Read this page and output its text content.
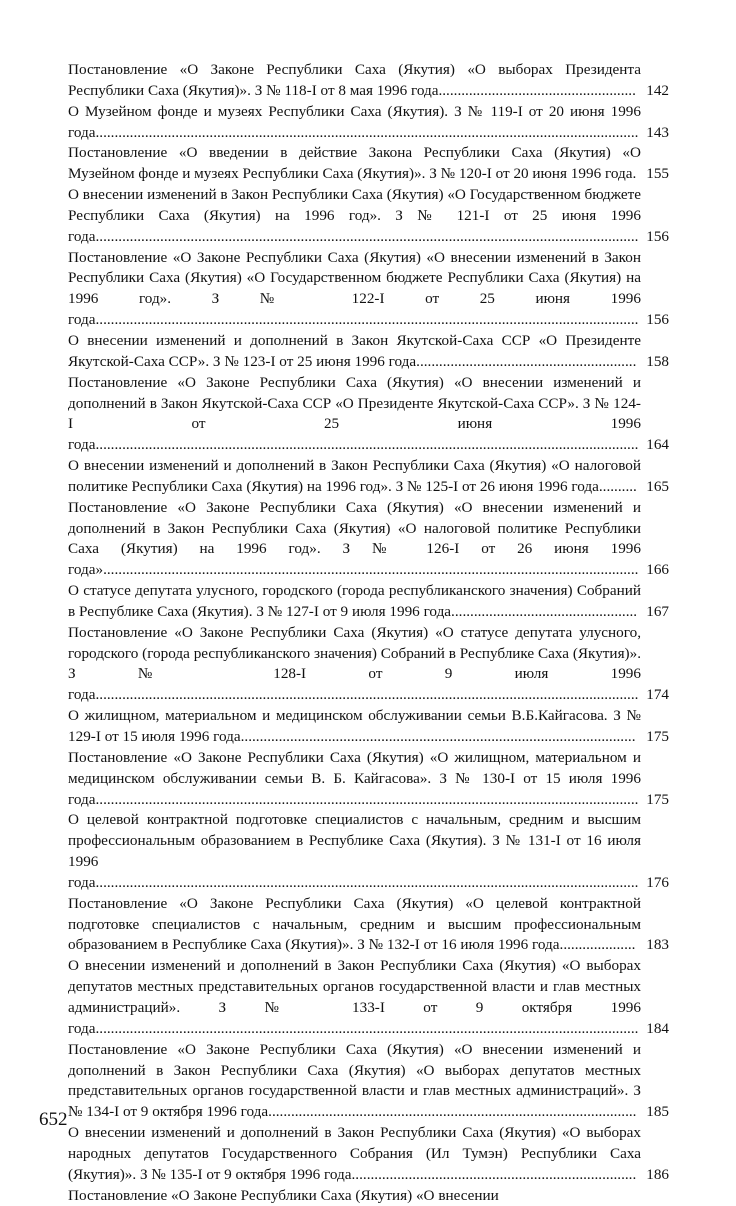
Постановление «О Законе Республики Саха (Якутия) «О выборах Президента Республики Саха (Якутия)». З № 118-I от 8 мая 1996 года.................................................... 142
О Музейном фонде и музеях Республики Саха (Якутия). З № 119-I от 20 июня 1996 года............................................................................................................................................... 143
Постановление «О введении в действие Закона Республики Саха (Якутия) «О Музейном фонде и музеях Республики Саха (Якутия)». З № 120-I от 20 июня 1996 года. 155
О внесении изменений в Закон Республики Саха (Якутия) «О Государственном бюджете Республики Саха (Якутия) на 1996 год». З № 121-I от 25 июня 1996 года............................................................................................................................................... 156
Постановление «О Законе Республики Саха (Якутия) «О внесении изменений в Закон Республики Саха (Якутия) «О Государственном бюджете Республики Саха (Якутия) на 1996 год». З № 122-I от 25 июня 1996 года............................................................................................................................................... 156
О внесении изменений и дополнений в Закон Якутской-Саха ССР «О Президенте Якутской-Саха ССР». З № 123-I от 25 июня 1996 года.......................................................... 158
Постановление «О Законе Республики Саха (Якутия) «О внесении изменений и дополнений в Закон Якутской-Саха ССР «О Президенте Якутской-Саха ССР». З № 124-I от 25 июня 1996 года............................................................................................................................................... 164
О внесении изменений и дополнений в Закон Республики Саха (Якутия) «О налоговой политике Республики Саха (Якутия) на 1996 год». З № 125-I от 26 июня 1996 года.......... 165
Постановление «О Законе Республики Саха (Якутия) «О внесении изменений и дополнений в Закон Республики Саха (Якутия) «О налоговой политике Республики Саха (Якутия) на 1996 год». З № 126-I от 26 июня 1996 года»............................................................................................................................................. 166
О статусе депутата улусного, городского (города республиканского значения) Собраний в Республике Саха (Якутия). З № 127-I от 9 июля 1996 года................................................. 167
Постановление «О Законе Республики Саха (Якутия) «О статусе депутата улусного, городского (города республиканского значения) Собраний в Республике Саха (Якутия)». З № 128-I от 9 июля 1996 года............................................................................................................................................... 174
О жилищном, материальном и медицинском обслуживании семьи В.Б.Кайгасова. З № 129-I от 15 июля 1996 года........................................................................................................ 175
Постановление «О Законе Республики Саха (Якутия) «О жилищном, материальном и медицинском обслуживании семьи В. Б. Кайгасова». З № 130-I от 15 июля 1996 года............................................................................................................................................... 175
О целевой контрактной подготовке специалистов с начальным, средним и высшим профессиональным образованием в Республике Саха (Якутия). З № 131-I от 16 июля 1996 года............................................................................................................................................... 176
Постановление «О Законе Республики Саха (Якутия) «О целевой контрактной подготовке специалистов с начальным, средним и высшим профессиональным образованием в Республике Саха (Якутия)». З № 132-I от 16 июля 1996 года.................... 183
О внесении изменений и дополнений в Закон Республики Саха (Якутия) «О выборах депутатов местных представительных органов государственной власти и глав местных администраций». З № 133-I от 9 октября 1996 года............................................................................................................................................... 184
Постановление «О Законе Республики Саха (Якутия) «О внесении изменений и дополнений в Закон Республики Саха (Якутия) «О выборах депутатов местных представительных органов государственной власти и глав местных администраций». З № 134-I от 9 октября 1996 года................................................................................................. 185
О внесении изменений и дополнений в Закон Республики Саха (Якутия) «О выборах народных депутатов Государственного Собрания (Ил Тумэн) Республики Саха (Якутия)». З № 135-I от 9 октября 1996 года........................................................................... 186
Постановление «О Законе Республики Саха (Якутия) «О внесении
652
